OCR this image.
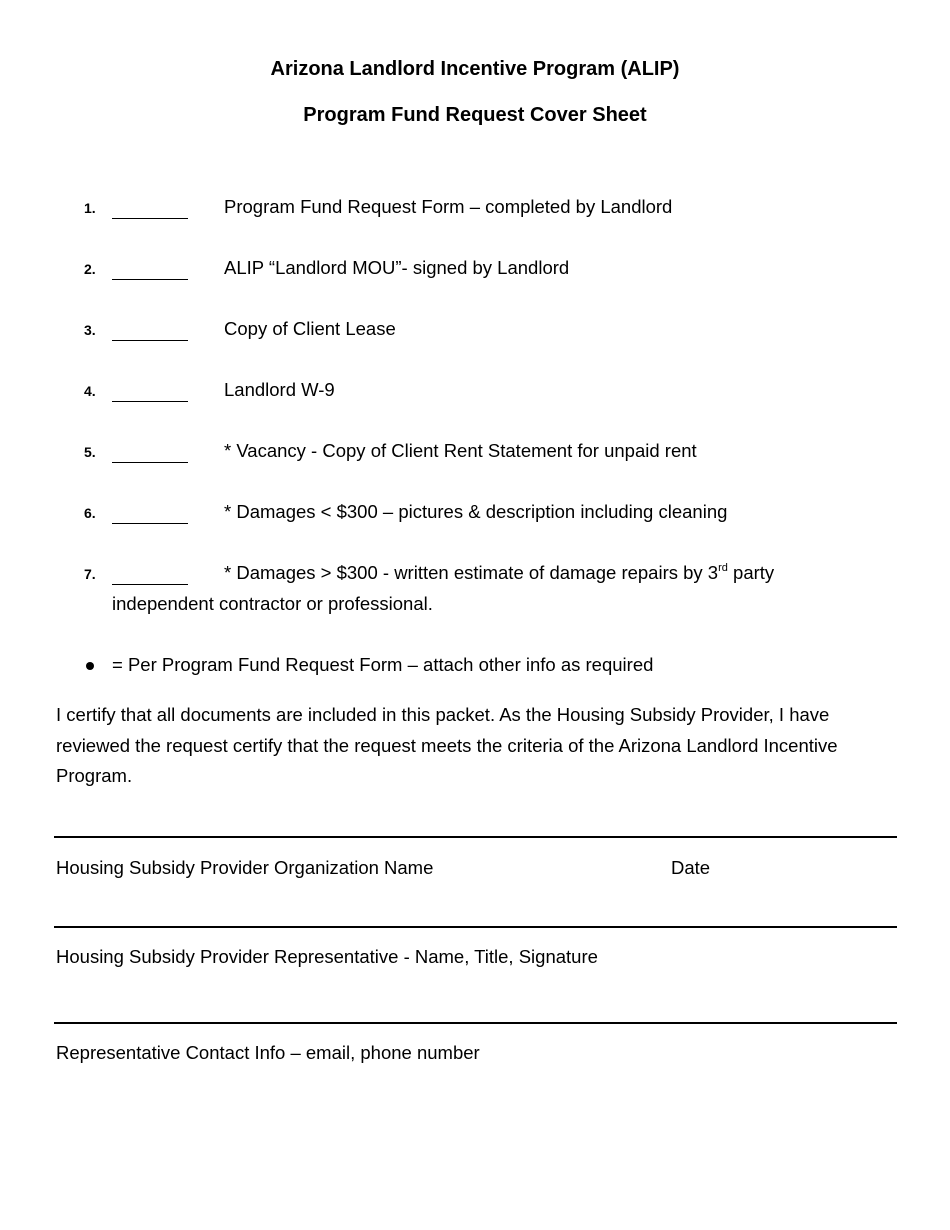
Arizona Landlord Incentive Program (ALIP)
Program Fund Request Cover Sheet
1.	Program Fund Request Form – completed by Landlord
2.	ALIP “Landlord MOU”- signed by Landlord
3.	Copy of Client Lease
4.	Landlord W-9
5.	* Vacancy - Copy of Client Rent Statement for unpaid rent
6.	* Damages < $300 – pictures & description including cleaning
7.	* Damages > $300 - written estimate of damage repairs by 3rd party
independent contractor or professional.
= Per Program Fund Request Form – attach other info as required
I certify that all documents are included in this packet. As the Housing Subsidy Provider, I have reviewed the request certify that the request meets the criteria of the Arizona Landlord Incentive Program.
Housing Subsidy Provider Organization Name	Date
Housing Subsidy Provider Representative - Name, Title, Signature
Representative Contact Info – email, phone number
